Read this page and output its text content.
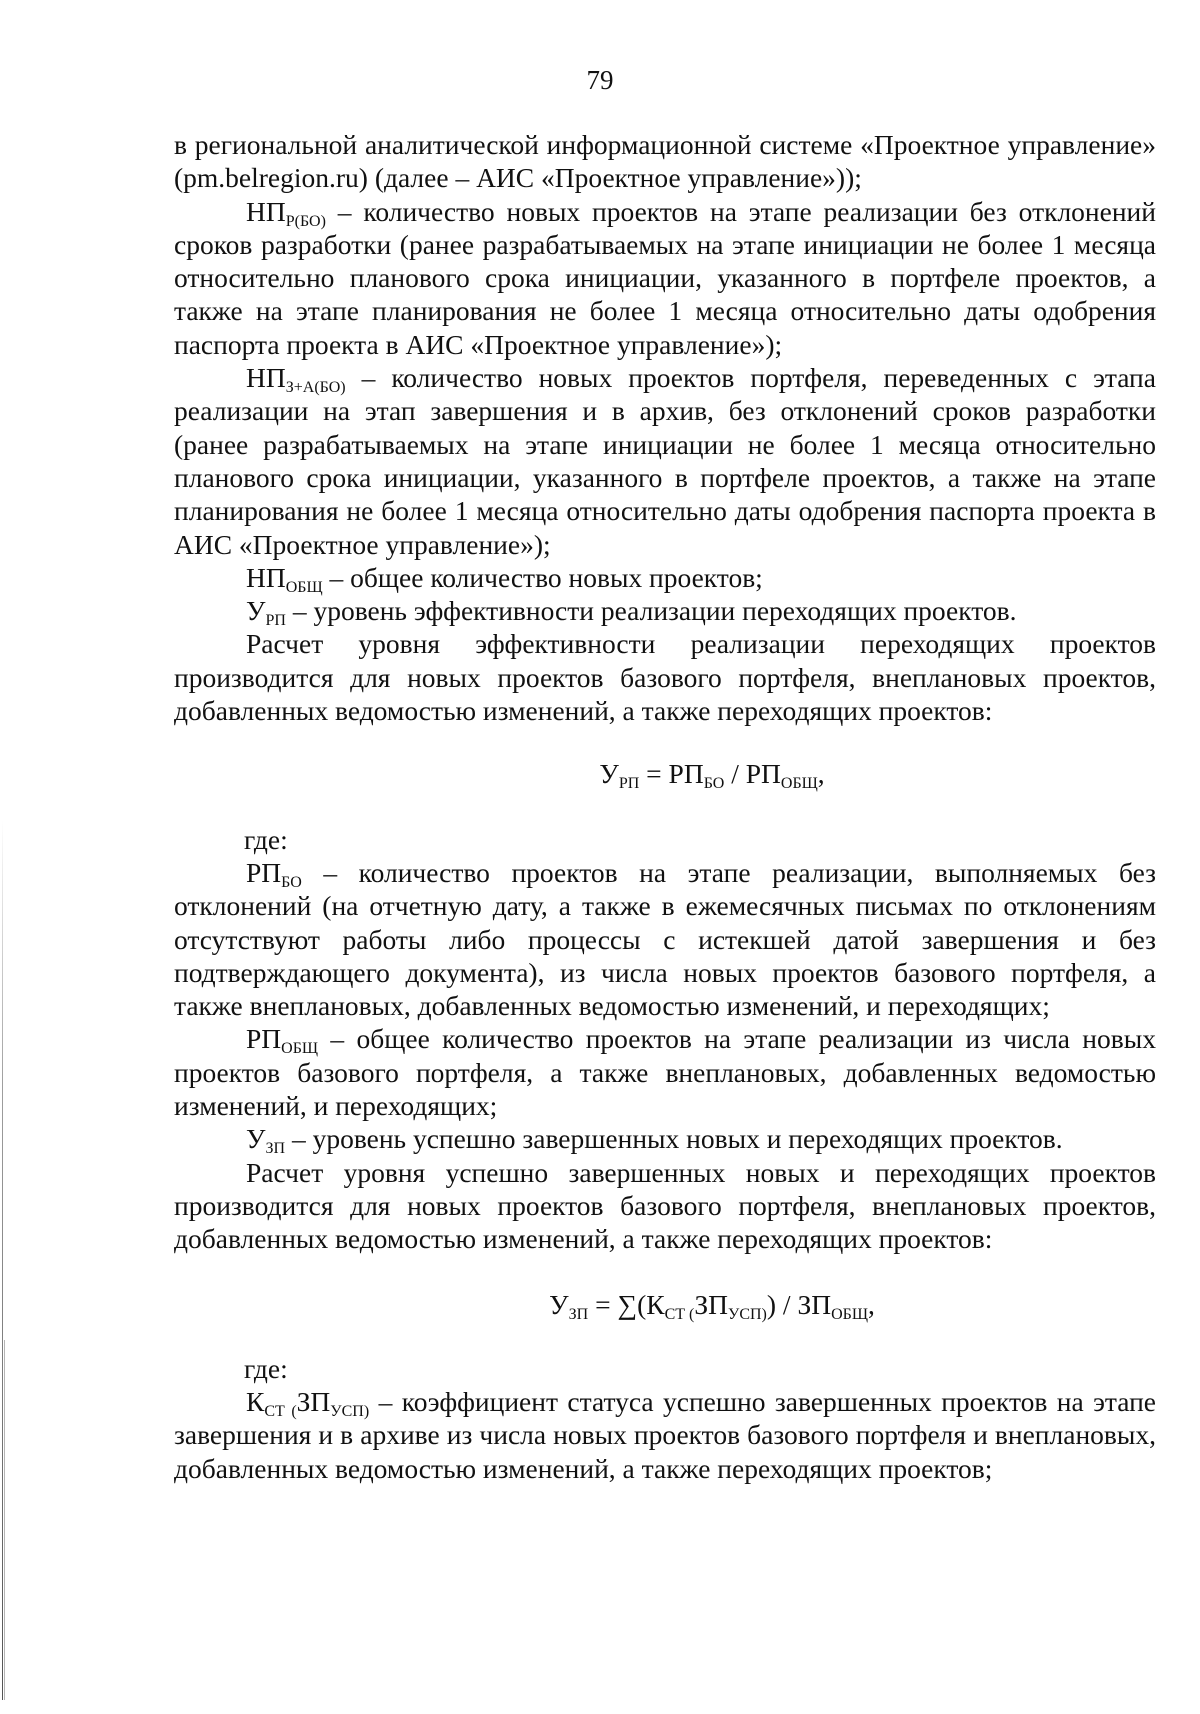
79

в региональной аналитической информационной системе «Проектное управление» (pm.belregion.ru) (далее – АИС «Проектное управление»));

$НП_{Р(БО)}$ – количество новых проектов на этапе реализации без отклонений сроков разработки (ранее разрабатываемых на этапе инициации не более 1 месяца относительно планового срока инициации, указанного в портфеле проектов, а также на этапе планирования не более 1 месяца относительно даты одобрения паспорта проекта в АИС «Проектное управление»);

$НП_{З+А(БО)}$ – количество новых проектов портфеля, переведенных с этапа реализации на этап завершения и в архив, без отклонений сроков разработки (ранее разрабатываемых на этапе инициации не более 1 месяца относительно планового срока инициации, указанного в портфеле проектов, а также на этапе планирования не более 1 месяца относительно даты одобрения паспорта проекта в АИС «Проектное управление»);

$НП_{ОБЩ}$ – общее количество новых проектов;

$У_{РП}$ – уровень эффективности реализации переходящих проектов.

Расчет уровня эффективности реализации переходящих проектов производится для новых проектов базового портфеля, внеплановых проектов, добавленных ведомостью изменений, а также переходящих проектов:

$У_{РП} = РП_{БО} / РП_{ОБЩ}$,

где:

$РП_{БО}$ – количество проектов на этапе реализации, выполняемых без отклонений (на отчетную дату, а также в ежемесячных письмах по отклонениям отсутствуют работы либо процессы с истекшей датой завершения и без подтверждающего документа), из числа новых проектов базового портфеля, а также внеплановых, добавленных ведомостью изменений, и переходящих;

$РП_{ОБЩ}$ – общее количество проектов на этапе реализации из числа новых проектов базового портфеля, а также внеплановых, добавленных ведомостью изменений, и переходящих;

$У_{ЗП}$ – уровень успешно завершенных новых и переходящих проектов.

Расчет уровня успешно завершенных новых и переходящих проектов производится для новых проектов базового портфеля, внеплановых проектов, добавленных ведомостью изменений, а также переходящих проектов:

$У_{ЗП} = \sum(К_{СТ (}ЗП_{УСП)}) / ЗП_{ОБЩ}$,

где:

$К_{СТ (}ЗП_{УСП)}$ – коэффициент статуса успешно завершенных проектов на этапе завершения и в архиве из числа новых проектов базового портфеля и внеплановых, добавленных ведомостью изменений, а также переходящих проектов;
